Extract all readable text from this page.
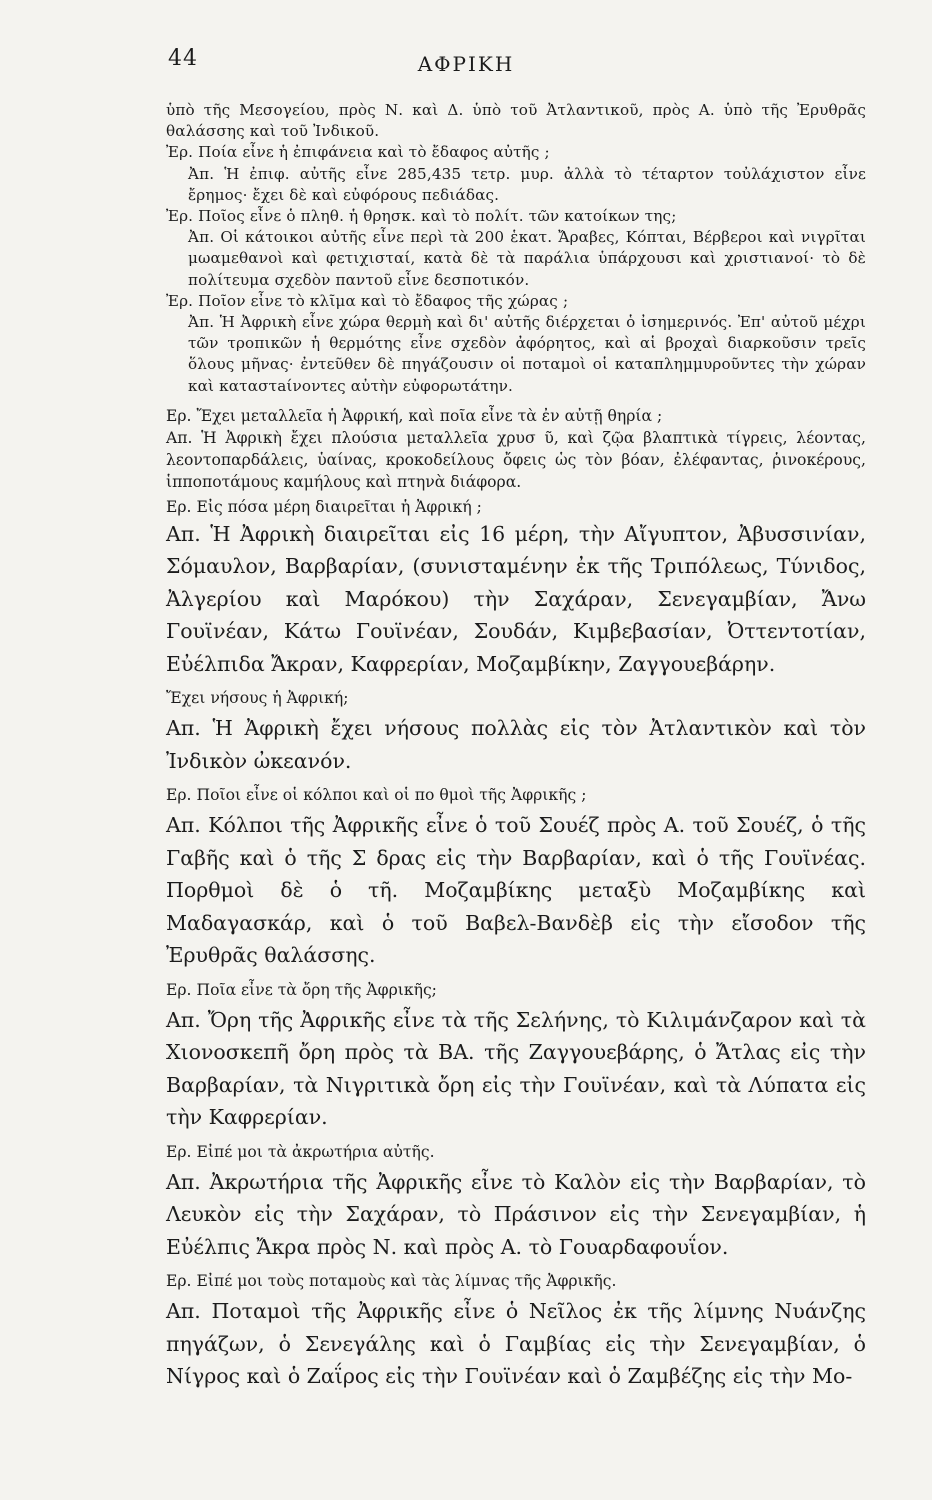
44	ΑΦΡΙΚΗ

ὑπὸ τῆς Μεσογείου, πρὸς Ν. καὶ Δ. ὑπὸ τοῦ Ἀτλαντικοῦ, πρὸς Α. ὑπὸ τῆς Ἐρυθρᾶς θαλάσσης καὶ τοῦ Ἰνδικοῦ.

Ἐρ. Ποία εἶνε ἡ ἐπιφάνεια καὶ τὸ ἔδαφος αὐτῆς ;

Ἀπ. Ἡ ἐπιφ. αὐτῆς εἶνε 285,435 τετρ. μυρ. ἀλλὰ τὸ τέταρτον τοὐλάχιστον εἶνε ἔρημος· ἔχει δὲ καὶ εὐφόρους πεδιάδας.

Ἐρ. Ποῖος εἶνε ὁ πληθ. ἡ θρησκ. καὶ τὸ πολίτ. τῶν κατοίκων της;

Ἀπ. Οἱ κάτοικοι αὐτῆς εἶνε περὶ τὰ 200 ἑκατ. Ἄραβες, Κόπται, Βέρβεροι καὶ νιγρῖται μωαμεθανοὶ καὶ φετιχισταί, κατὰ δὲ τὰ παράλια ὑπάρχουσι καὶ χριστιανοί· τὸ δὲ πολίτευμα σχεδὸν παντοῦ εἶνε δεσποτικόν.

Ἐρ. Ποῖον εἶνε τὸ κλῖμα καὶ τὸ ἔδαφος τῆς χώρας ;

Ἀπ. Ἡ Ἀφρικὴ εἶνε χώρα θερμὴ καὶ δι' αὐτῆς διέρχεται ὁ ἰσημερινός. Ἐπ' αὐτοῦ μέχρι τῶν τροπικῶν ἡ θερμότης εἶνε σχεδὸν ἀφόρητος, καὶ αἱ βροχαὶ διαρκοῦσιν τρεῖς ὅλους μῆνας· ἐντεῦθεν δὲ πηγάζουσιν οἱ ποταμοὶ οἱ καταπλημμυροῦντες τὴν χώραν καὶ καταστaίνοντες αὐτὴν εὐφορωτάτην.

Ερ. Ἔχει μεταλλεῖα ἡ Ἀφρική, καὶ ποῖα εἶνε τὰ ἐν αὐτῇ θηρία ;

Απ. Ἡ Ἀφρικὴ ἔχει πλούσια μεταλλεῖα χρυσ ῦ, καὶ ζῷα βλαπτικὰ τίγρεις, λέοντας, λεοντοπαρδάλεις, ὑαίνας, κροκοδείλους ὄφεις ὡς τὸν βόαν, ἐλέφαντας, ῥινοκέρους, ἱπποποτάμους καμήλους καὶ πτηνὰ διάφορα.

Ερ. Εἰς πόσα μέρη διαιρεῖται ἡ Ἀφρική ;

Απ. Ἡ Ἀφρικὴ διαιρεῖται εἰς 16 μέρη, τὴν Αἴγυπτον, Ἀβυσσινίαν, Σόμαυλον, Βαρβαρίαν, (συνισταμένην ἐκ τῆς Τριπόλεως, Τύνιδος, Ἀλγερίου καὶ Μαρόκου) τὴν Σαχάραν, Σενεγαμβίαν, Ἄνω Γουϊνέαν, Κάτω Γουϊνέαν, Σουδάν, Κιμβεβασίαν, Ὀττεντοτίαν, Εὐέλπιδα Ἄκραν, Καφρερίαν, Μοζαμβίκην, Ζαγγουεβάρην.

Ἔχει νήσους ἡ Ἀφρική;

Απ. Ἡ Ἀφρικὴ ἔχει νήσους πολλὰς εἰς τὸν Ἀτλαντικὸν καὶ τὸν Ἰνδικὸν ὠκεανόν.

Ερ. Ποῖοι εἶνε οἱ κόλποι καὶ οἱ πο θμοὶ τῆς Ἀφρικῆς ;

Απ. Κόλποι τῆς Ἀφρικῆς εἶνε ὁ τοῦ Σουέζ πρὸς Α. τοῦ Σουέζ, ὁ τῆς Γαβῆς καὶ ὁ τῆς Σ δρας εἰς τὴν Βαρβαρίαν, καὶ ὁ τῆς Γουϊνέας. Πορθμοὶ δὲ ὁ τῆ. Μοζαμβίκης μεταξὺ Μοζαμβίκης καὶ Μαδαγασκάρ, καὶ ὁ τοῦ Βαβελ-Βανδὲβ εἰς τὴν εἴσοδον τῆς Ἐρυθρᾶς θαλάσσης.

Ερ. Ποῖα εἶνε τὰ ὄρη τῆς Ἀφρικῆς;

Απ. Ὄρη τῆς Ἀφρικῆς εἶνε τὰ τῆς Σελήνης, τὸ Κιλιμάνζαρον καὶ τὰ Χιονοσκεπῆ ὄρη πρὸς τὰ ΒΑ. τῆς Ζαγγουεβάρης, ὁ Ἄτλας εἰς τὴν Βαρβαρίαν, τὰ Νιγριτικὰ ὄρη εἰς τὴν Γουϊνέαν, καὶ τὰ Λύπατα εἰς τὴν Καφρερίαν.

Ερ. Εἰπέ μοι τὰ ἀκρωτήρια αὐτῆς.

Απ. Ἀκρωτήρια τῆς Ἀφρικῆς εἶνε τὸ Καλὸν εἰς τὴν Βαρβαρίαν, τὸ Λευκὸν εἰς τὴν Σαχάραν, τὸ Πράσινον εἰς τὴν Σενεγαμβίαν, ἡ Εὐέλπις Ἄκρα πρὸς Ν. καὶ πρὸς Α. τὸ Γουαρδαφουΐον.

Ερ. Εἰπέ μοι τοὺς ποταμοὺς καὶ τὰς λίμνας τῆς Ἀφρικῆς.

Απ. Ποταμοὶ τῆς Ἀφρικῆς εἶνε ὁ Νεῖλος ἐκ τῆς λίμνης Νυάνζης πηγάζων, ὁ Σενεγάλης καὶ ὁ Γαμβίας εἰς τὴν Σενεγαμβίαν, ὁ Νίγρος καὶ ὁ Ζαΐρος εἰς τὴν Γουϊνέαν καὶ ὁ Ζαμβέζης εἰς τὴν Μο-
